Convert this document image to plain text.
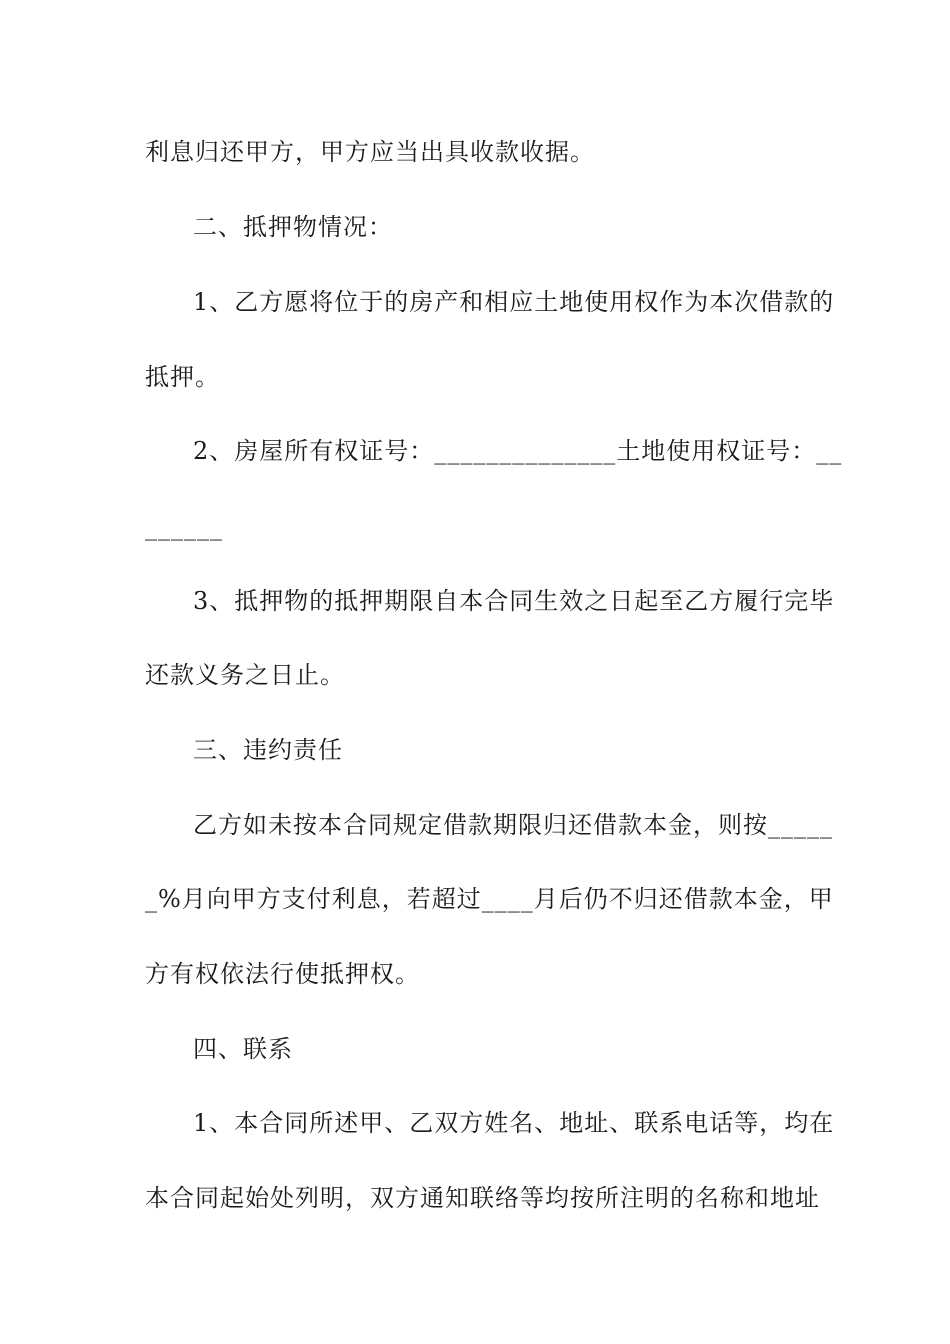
利息归还甲方，甲方应当出具收款收据。
二、抵押物情况：
1、乙方愿将位于的房产和相应土地使用权作为本次借款的
抵押。
2、房屋所有权证号：______________土地使用权证号：__
______
3、抵押物的抵押期限自本合同生效之日起至乙方履行完毕
还款义务之日止。
三、违约责任
乙方如未按本合同规定借款期限归还借款本金，则按_____
_%月向甲方支付利息，若超过____月后仍不归还借款本金，甲
方有权依法行使抵押权。
四、联系
1、本合同所述甲、乙双方姓名、地址、联系电话等，均在
本合同起始处列明，双方通知联络等均按所注明的名称和地址
